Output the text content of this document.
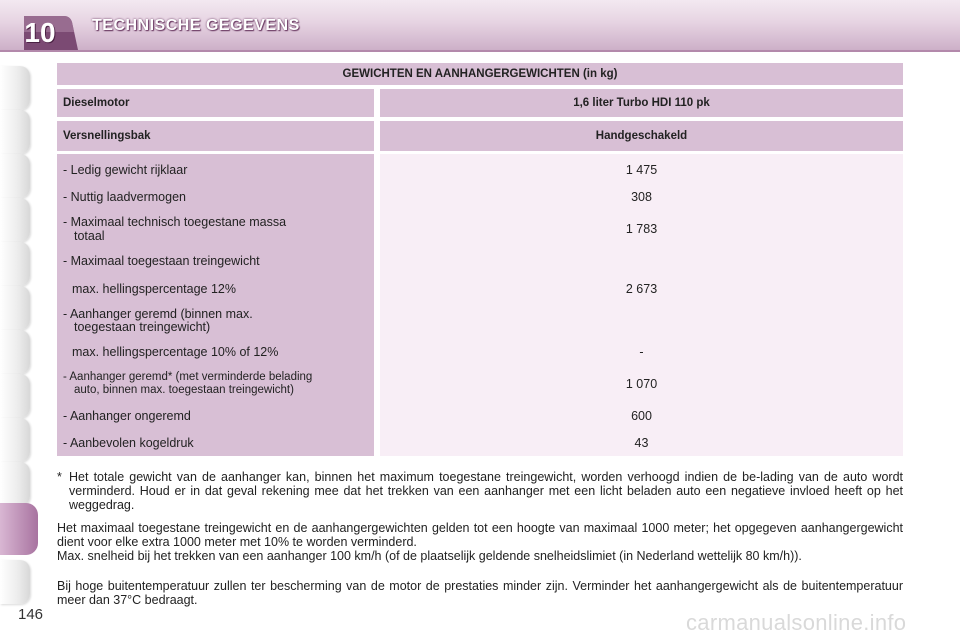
10 TECHNISCHE GEGEVENS
GEWICHTEN EN AANHANGERGEWICHTEN (in kg)
Dieselmotor	1,6 liter Turbo HDI 110 pk
Versnellingsbak	Handgeschakeld
- Ledig gewicht rijklaar	1 475
- Nuttig laadvermogen	308
- Maximaal technisch toegestane massa
totaal	1 783
- Maximaal toegestaan treingewicht
max. hellingspercentage 12%	2 673
- Aanhanger geremd (binnen max.
toegestaan treingewicht)
max. hellingspercentage 10% of 12%	-
- Aanhanger geremd* (met verminderde belading
auto, binnen max. toegestaan treingewicht)	1 070
- Aanhanger ongeremd	600
- Aanbevolen kogeldruk	43
* Het totale gewicht van de aanhanger kan, binnen het maximum toegestane treingewicht, worden verhoogd indien de be-lading van de auto wordt verminderd. Houd er in dat geval rekening mee dat het trekken van een aanhanger met een licht beladen auto een negatieve invloed heeft op het weggedrag.
Het maximaal toegestane treingewicht en de aanhangergewichten gelden tot een hoogte van maximaal 1000 meter; het opgegeven aanhangergewicht dient voor elke extra 1000 meter met 10% te worden verminderd.
Max. snelheid bij het trekken van een aanhanger 100 km/h (of de plaatselijk geldende snelheidslimiet (in Nederland wettelijk 80 km/h)).
Bij hoge buitentemperatuur zullen ter bescherming van de motor de prestaties minder zijn. Verminder het aanhangergewicht als de buitentemperatuur meer dan 37°C bedraagt.
146	carmanualsonline.info
